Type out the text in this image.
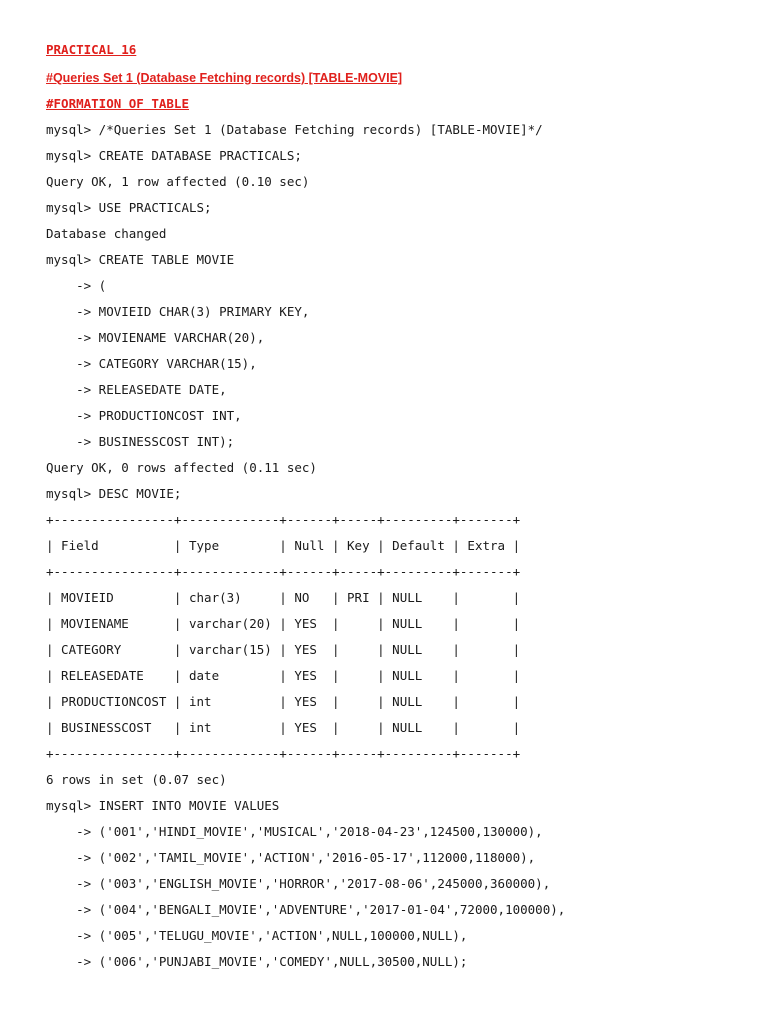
PRACTICAL 16
#Queries Set 1 (Database Fetching records) [TABLE-MOVIE]
#FORMATION OF TABLE
mysql> /*Queries Set 1 (Database Fetching records) [TABLE-MOVIE]*/
mysql> CREATE DATABASE PRACTICALS;
Query OK, 1 row affected (0.10 sec)
mysql> USE PRACTICALS;
Database changed
mysql> CREATE TABLE MOVIE
-> (
-> MOVIEID CHAR(3) PRIMARY KEY,
-> MOVIENAME VARCHAR(20),
-> CATEGORY VARCHAR(15),
-> RELEASEDATE DATE,
-> PRODUCTIONCOST INT,
-> BUSINESSCOST INT);
Query OK, 0 rows affected (0.11 sec)
mysql> DESC MOVIE;
+----------------+-------------+------+-----+---------+-------+
| Field          | Type        | Null | Key | Default | Extra |
+----------------+-------------+------+-----+---------+-------+
| MOVIEID        | char(3)     | NO   | PRI | NULL    |       |
| MOVIENAME      | varchar(20) | YES  |     | NULL    |       |
| CATEGORY       | varchar(15) | YES  |     | NULL    |       |
| RELEASEDATE    | date        | YES  |     | NULL    |       |
| PRODUCTIONCOST | int         | YES  |     | NULL    |       |
| BUSINESSCOST   | int         | YES  |     | NULL    |       |
+----------------+-------------+------+-----+---------+-------+
6 rows in set (0.07 sec)
mysql> INSERT INTO MOVIE VALUES
-> ('001','HINDI_MOVIE','MUSICAL','2018-04-23',124500,130000),
-> ('002','TAMIL_MOVIE','ACTION','2016-05-17',112000,118000),
-> ('003','ENGLISH_MOVIE','HORROR','2017-08-06',245000,360000),
-> ('004','BENGALI_MOVIE','ADVENTURE','2017-01-04',72000,100000),
-> ('005','TELUGU_MOVIE','ACTION',NULL,100000,NULL),
-> ('006','PUNJABI_MOVIE','COMEDY',NULL,30500,NULL);
